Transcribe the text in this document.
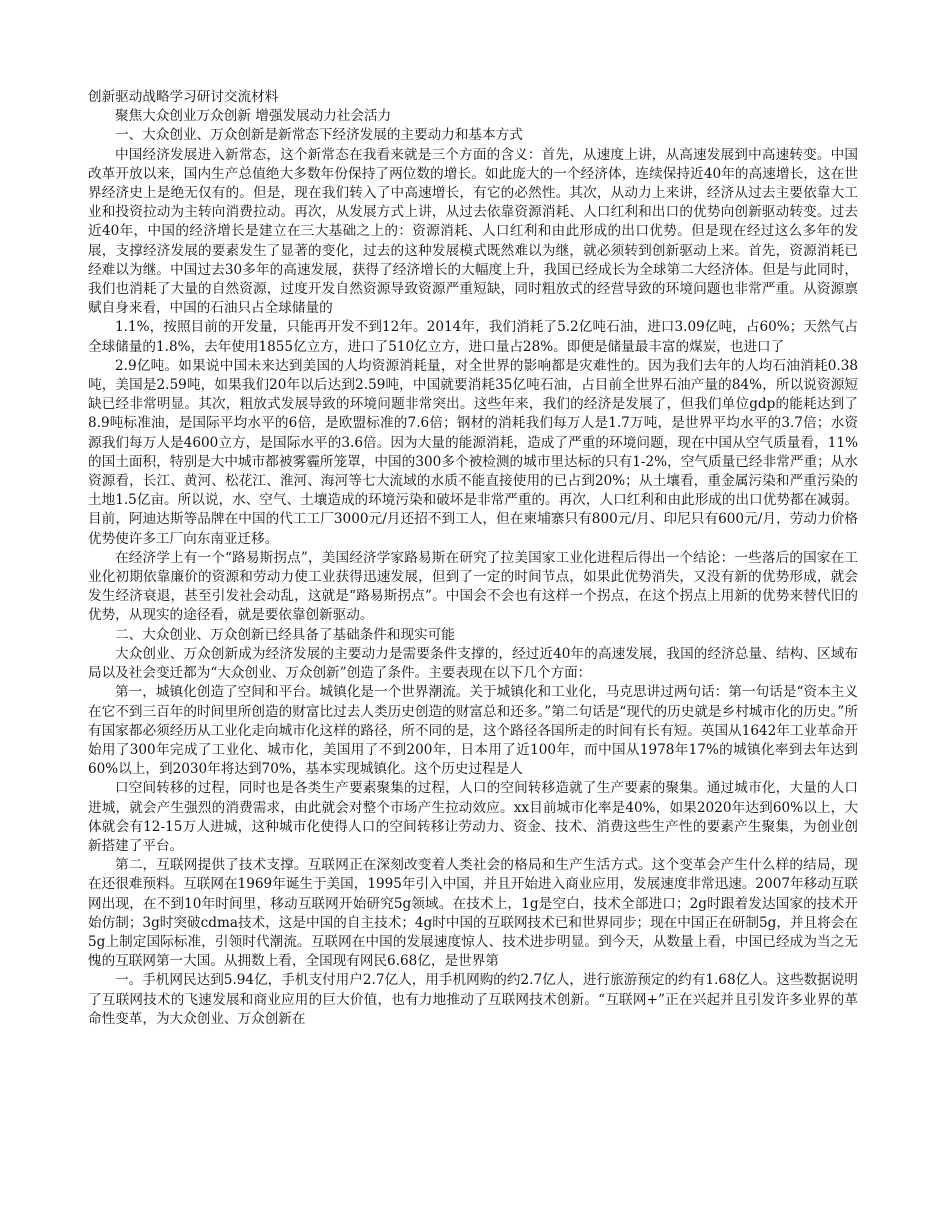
创新驱动战略学习研讨交流材料
聚焦大众创业万众创新 增强发展动力社会活力
一、大众创业、万众创新是新常态下经济发展的主要动力和基本方式

中国经济发展进入新常态，这个新常态在我看来就是三个方面的含义：首先，从速度上讲，从高速发展到中高速转变。中国改革开放以来，国内生产总值绝大多数年份保持了两位数的增长。如此庞大的一个经济体，连续保持近40年的高速增长，这在世界经济史上是绝无仅有的。但是，现在我们转入了中高速增长，有它的必然性。其次，从动力上来讲，经济从过去主要依靠大工业和投资拉动为主转向消费拉动。再次，从发展方式上讲，从过去依靠资源消耗、人口红利和出口的优势向创新驱动转变。过去近40年，中国的经济增长是建立在三大基础之上的：资源消耗、人口红利和由此形成的出口优势。但是现在经过这么多年的发展，支撑经济发展的要素发生了显著的变化，过去的这种发展模式既然难以为继，就必须转到创新驱动上来。首先，资源消耗已经难以为继。中国过去30多年的高速发展，获得了经济增长的大幅度上升，我国已经成长为全球第二大经济体。但是与此同时，我们也消耗了大量的自然资源，过度开发自然资源导致资源严重短缺，同时粗放式的经营导致的环境问题也非常严重。从资源禀赋自身来看，中国的石油只占全球储量的

1.1%，按照目前的开发量，只能再开发不到12年。2014年，我们消耗了5.2亿吨石油，进口3.09亿吨，占60%；天然气占全球储量的1.8%，去年使用1855亿立方，进口了510亿立方，进口量占28%。即便是储量最丰富的煤炭，也进口了

2.9亿吨。如果说中国未来达到美国的人均资源消耗量，对全世界的影响都是灾难性的。因为我们去年的人均石油消耗0.38吨，美国是2.59吨，如果我们20年以后达到2.59吨，中国就要消耗35亿吨石油，占目前全世界石油产量的84%，所以说资源短缺已经非常明显。其次，粗放式发展导致的环境问题非常突出。这些年来，我们的经济是发展了，但我们单位gdp的能耗达到了8.9吨标准油，是国际平均水平的6倍，是欧盟标准的7.6倍；钢材的消耗我们每万人是1.7万吨，是世界平均水平的3.7倍；水资源我们每万人是4600立方，是国际水平的3.6倍。因为大量的能源消耗，造成了严重的环境问题，现在中国从空气质量看，11%的国土面积，特别是大中城市都被雾霾所笼罩，中国的300多个被检测的城市里达标的只有1-2%，空气质量已经非常严重；从水资源看，长江、黄河、松花江、淮河、海河等七大流域的水质不能直接使用的已占到20%；从土壤看，重金属污染和严重污染的土地1.5亿亩。所以说，水、空气、土壤造成的环境污染和破坏是非常严重的。再次，人口红利和由此形成的出口优势都在减弱。目前，阿迪达斯等品牌在中国的代工工厂3000元/月还招不到工人，但在柬埔寨只有800元/月、印尼只有600元/月，劳动力价格优势使许多工厂向东南亚迁移。

在经济学上有一个“路易斯拐点”，美国经济学家路易斯在研究了拉美国家工业化进程后得出一个结论：一些落后的国家在工业化初期依靠廉价的资源和劳动力使工业获得迅速发展，但到了一定的时间节点，如果此优势消失，又没有新的优势形成，就会发生经济衰退，甚至引发社会动乱，这就是“路易斯拐点”。中国会不会也有这样一个拐点，在这个拐点上用新的优势来替代旧的优势，从现实的途径看，就是要依靠创新驱动。

二、大众创业、万众创新已经具备了基础条件和现实可能

大众创业、万众创新成为经济发展的主要动力是需要条件支撑的，经过近40年的高速发展，我国的经济总量、结构、区域布局以及社会变迁都为“大众创业、万众创新”创造了条件。主要表现在以下几个方面：

第一，城镇化创造了空间和平台。城镇化是一个世界潮流。关于城镇化和工业化，马克思讲过两句话：第一句话是“资本主义在它不到三百年的时间里所创造的财富比过去人类历史创造的财富总和还多。”第二句话是“现代的历史就是乡村城市化的历史。”所有国家都必须经历从工业化走向城市化这样的路径，所不同的是，这个路径各国所走的时间有长有短。英国从1642年工业革命开始用了300年完成了工业化、城市化，美国用了不到200年，日本用了近100年，而中国从1978年17%的城镇化率到去年达到60%以上，到2030年将达到70%，基本实现城镇化。这个历史过程是人

口空间转移的过程，同时也是各类生产要素聚集的过程，人口的空间转移造就了生产要素的聚集。通过城市化，大量的人口进城，就会产生强烈的消费需求，由此就会对整个市场产生拉动效应。xx目前城市化率是40%，如果2020年达到60%以上，大体就会有12-15万人进城，这种城市化使得人口的空间转移让劳动力、资金、技术、消费这些生产性的要素产生聚集，为创业创新搭建了平台。

第二，互联网提供了技术支撑。互联网正在深刻改变着人类社会的格局和生产生活方式。这个变革会产生什么样的结局，现在还很难预料。互联网在1969年诞生于美国，1995年引入中国，并且开始进入商业应用，发展速度非常迅速。2007年移动互联网出现，在不到10年时间里，移动互联网开始研究5g领域。在技术上，1g是空白，技术全部进口；2g时跟着发达国家的技术开始仿制；3g时突破cdma技术，这是中国的自主技术；4g时中国的互联网技术已和世界同步；现在中国正在研制5g，并且将会在5g上制定国际标准，引领时代潮流。互联网在中国的发展速度惊人、技术进步明显。到今天，从数量上看，中国已经成为当之无愧的互联网第一大国。从拥数上看，全国现有网民6.68亿，是世界第

一。手机网民达到5.94亿，手机支付用户2.7亿人，用手机网购的约2.7亿人，进行旅游预定的约有1.68亿人。这些数据说明了互联网技术的飞速发展和商业应用的巨大价值，也有力地推动了互联网技术创新。“互联网+”正在兴起并且引发许多业界的革命性变革，为大众创业、万众创新在
